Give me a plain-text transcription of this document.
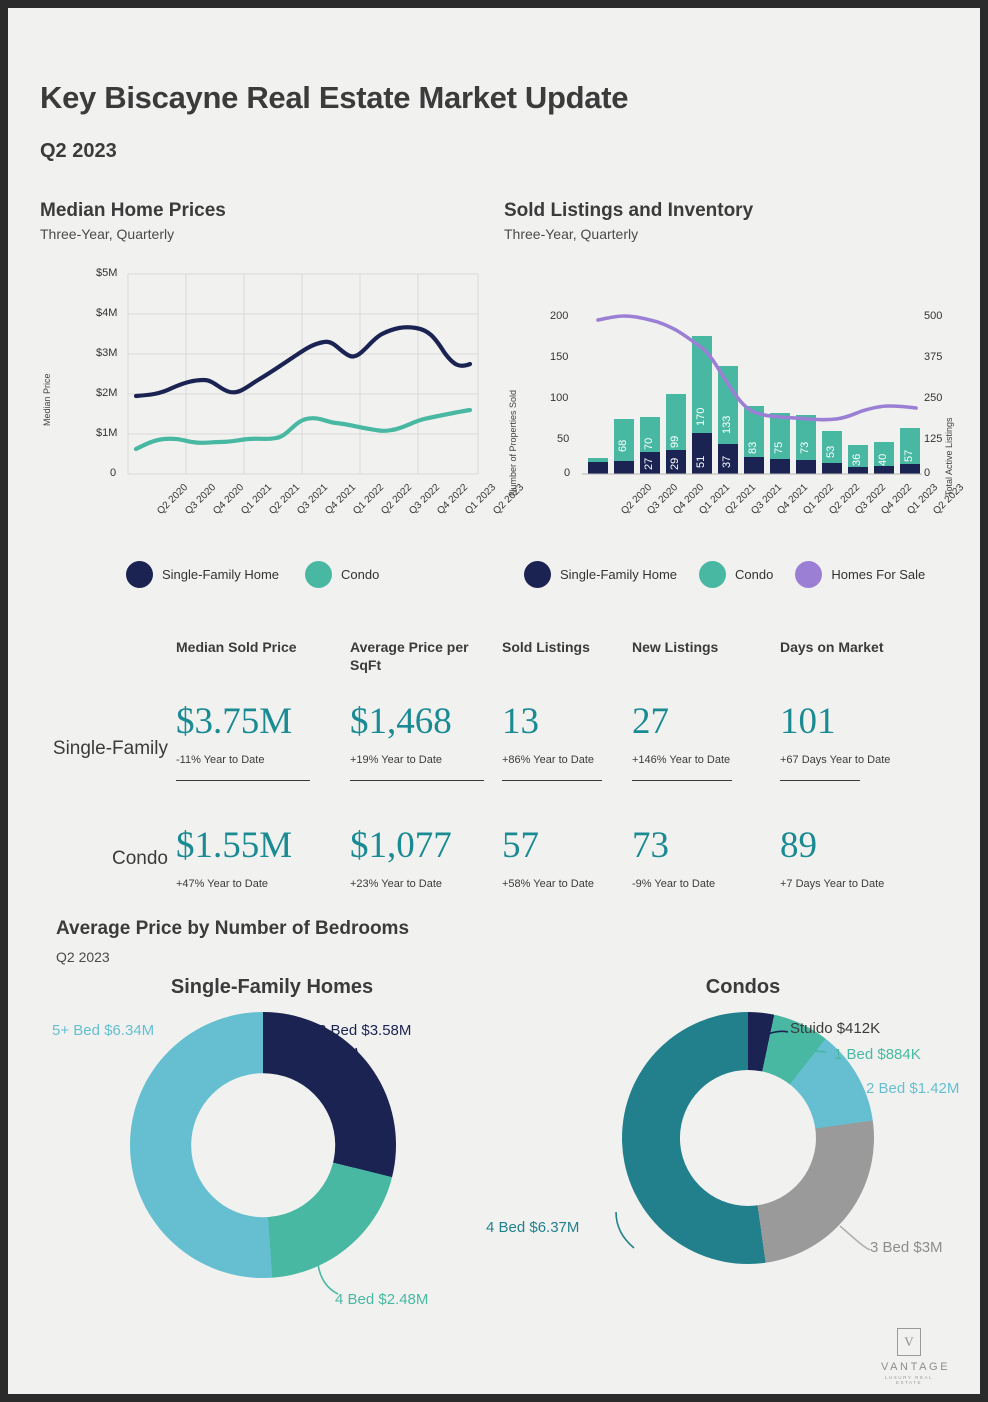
Key Biscayne Real Estate Market Update
Q2 2023
Median Home Prices
Three-Year, Quarterly
Median Price
$5M
$4M
$3M
$2M
$1M
0
Q2 2020
Q3 2020
Q4 2020
Q1 2021
Q2 2021
Q3 2021
Q4 2021
Q1 2022
Q2 2022
Q3 2022
Q4 2022
Q1 2023
Q2 2023
Sold Listings and Inventory
Three-Year, Quarterly
Number of Properties Sold	Total Active Listings
200
150
100
50
0
500
375
250
125
0
68
27
70
29
99
51
170
37
133
83 75 73 53
36 40 57
Q2 2020
Q3 2020
Q4 2020
Q1 2021
Q2 2021
Q3 2021
Q4 2021
Q1 2022
Q2 2022
Q3 2022
Q4 2022
Q1 2023
Q2 2023
Single-Family Home	Condo	Single-Family Home	Condo	Homes For Sale
Median Sold Price	Average Price per SqFt
Sold Listings	New Listings	Days on Market
Single-Family
$3.75M $1,468 13	27	101
-11% Year to Date	+19% Year to Date	+86% Year to Date	+146% Year to Date	+67 Days Year to Date
Condo $1.55M $1,077 57	73	89
+47% Year to Date	+23% Year to Date	+58% Year to Date	-9% Year to Date	+7 Days Year to Date
Average Price by Number of Bedrooms
Q2 2023
Single-Family Homes	Condos
3 Bed $3.58M
4 Bed $2.48M
5+ Bed $6.34M	Stuido $412K
1 Bed $884K
2 Bed $1.42M
3 Bed $3M
4 Bed $6.37M
V
VANTAGE
LUXURY REAL ESTATE
